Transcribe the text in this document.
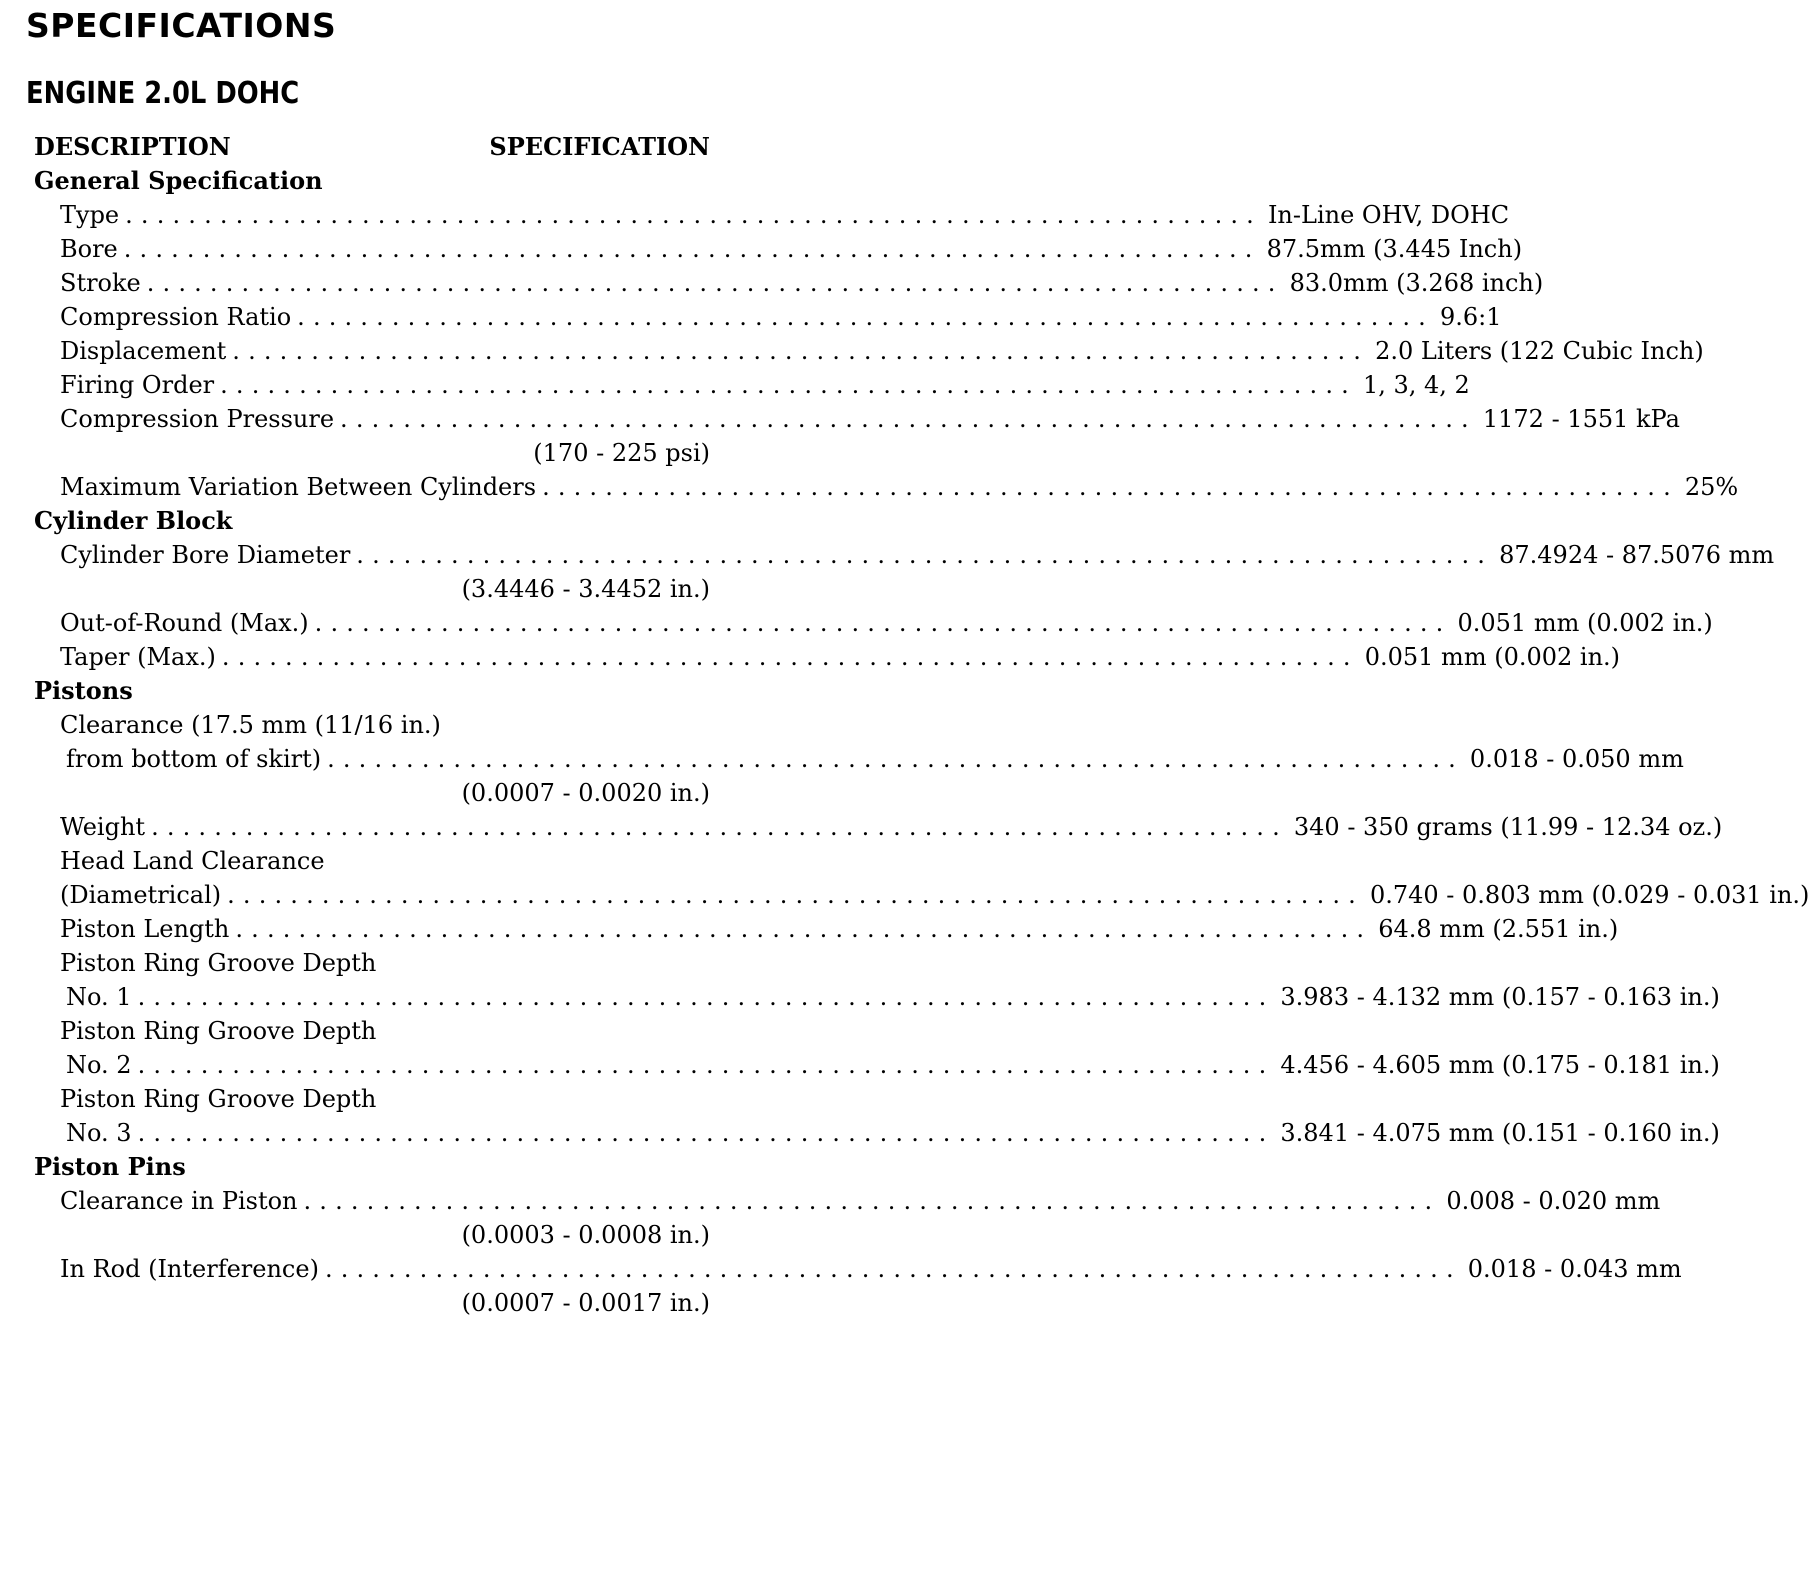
SPECIFICATIONS
ENGINE 2.0L DOHC
DESCRIPTION	SPECIFICATION
General Specification
Type ........................................................................ In-Line OHV, DOHC
Bore ........................................................................ 87.5mm (3.445 Inch)
Stroke ........................................................................ 83.0mm (3.268 inch)
Compression Ratio ........................................................................ 9.6:1
Displacement ........................................................................ 2.0 Liters (122 Cubic Inch)
Firing Order ........................................................................ 1, 3, 4, 2
Compression Pressure ........................................................................ 1172 - 1551 kPa
(170 - 225 psi)
Maximum Variation Between Cylinders ........................................................................ 25%
Cylinder Block
Cylinder Bore Diameter ........................................................................ 87.4924 - 87.5076 mm
(3.4446 - 3.4452 in.)
Out-of-Round (Max.) ........................................................................ 0.051 mm (0.002 in.)
Taper (Max.) ........................................................................ 0.051 mm (0.002 in.)
Pistons
Clearance (17.5 mm (11/16 in.)
from bottom of skirt) ........................................................................ 0.018 - 0.050 mm
(0.0007 - 0.0020 in.)
Weight ........................................................................ 340 - 350 grams (11.99 - 12.34 oz.)
Head Land Clearance
(Diametrical) ........................................................................ 0.740 - 0.803 mm (0.029 - 0.031 in.)
Piston Length ........................................................................ 64.8 mm (2.551 in.)
Piston Ring Groove Depth
No. 1 ........................................................................ 3.983 - 4.132 mm (0.157 - 0.163 in.)
Piston Ring Groove Depth
No. 2 ........................................................................ 4.456 - 4.605 mm (0.175 - 0.181 in.)
Piston Ring Groove Depth
No. 3 ........................................................................ 3.841 - 4.075 mm (0.151 - 0.160 in.)
Piston Pins
Clearance in Piston ........................................................................ 0.008 - 0.020 mm
(0.0003 - 0.0008 in.)
In Rod (Interference) ........................................................................ 0.018 - 0.043 mm
(0.0007 - 0.0017 in.)
